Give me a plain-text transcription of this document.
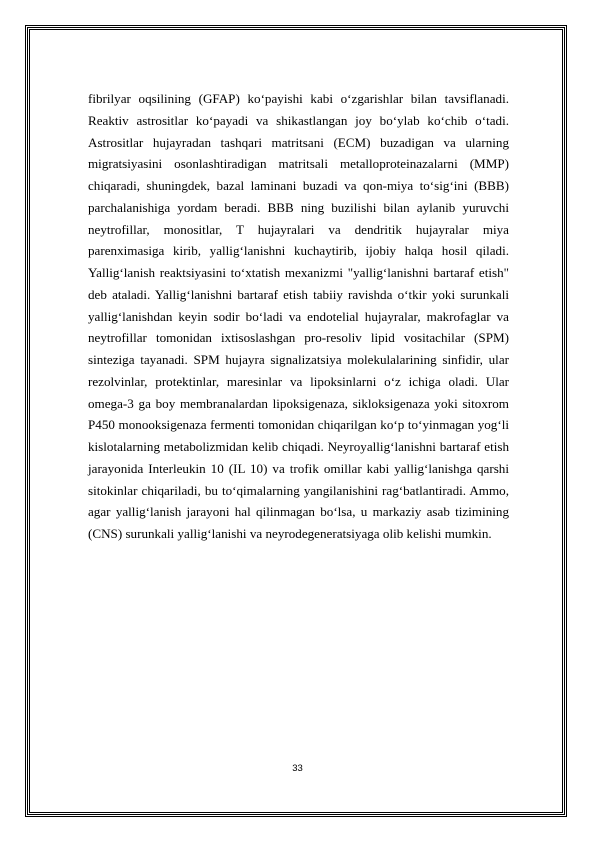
fibrilyar oqsilining (GFAP) ko‘payishi kabi o‘zgarishlar bilan tavsiflanadi. Reaktiv astrositlar ko‘payadi va shikastlangan joy bo‘ylab ko‘chib o‘tadi. Astrositlar hujayradan tashqari matritsani (ECM) buzadigan va ularning migratsiyasini osonlashtiradigan matritsali metalloproteinazalarni (MMP) chiqaradi, shuningdek, bazal laminani buzadi va qon-miya to‘sig‘ini (BBB) parchalanishiga yordam beradi. BBB ning buzilishi bilan aylanib yuruvchi neytrofillar, monositlar, T hujayralari va dendritik hujayralar miya parenximasiga kirib, yallig‘lanishni kuchaytirib, ijobiy halqa hosil qiladi. Yallig‘lanish reaktsiyasini to‘xtatish mexanizmi "yallig‘lanishni bartaraf etish" deb ataladi. Yallig‘lanishni bartaraf etish tabiiy ravishda o‘tkir yoki surunkali yallig‘lanishdan keyin sodir bo‘ladi va endotelial hujayralar, makrofaglar va neytrofillar tomonidan ixtisoslashgan pro-resoliv lipid vositachilar (SPM) sinteziga tayanadi. SPM hujayra signalizatsiya molekulalarining sinfidir, ular rezolvinlar, protektinlar, maresinlar va lipoksinlarni o‘z ichiga oladi. Ular omega-3 ga boy membranalardan lipoksigenaza, sikloksigenaza yoki sitoxrom P450 monooksigenaza fermenti tomonidan chiqarilgan ko‘p to‘yinmagan yog‘li kislotalarning metabolizmidan kelib chiqadi. Neyroyallig‘lanishni bartaraf etish jarayonida Interleukin 10 (IL 10) va trofik omillar kabi yallig‘lanishga qarshi sitokinlar chiqariladi, bu to‘qimalarning yangilanishini rag‘batlantiradi. Ammo, agar yallig‘lanish jarayoni hal qilinmagan bo‘lsa, u markaziy asab tizimining (CNS) surunkali yallig‘lanishi va neyrodegeneratsiyaga olib kelishi mumkin.

33
